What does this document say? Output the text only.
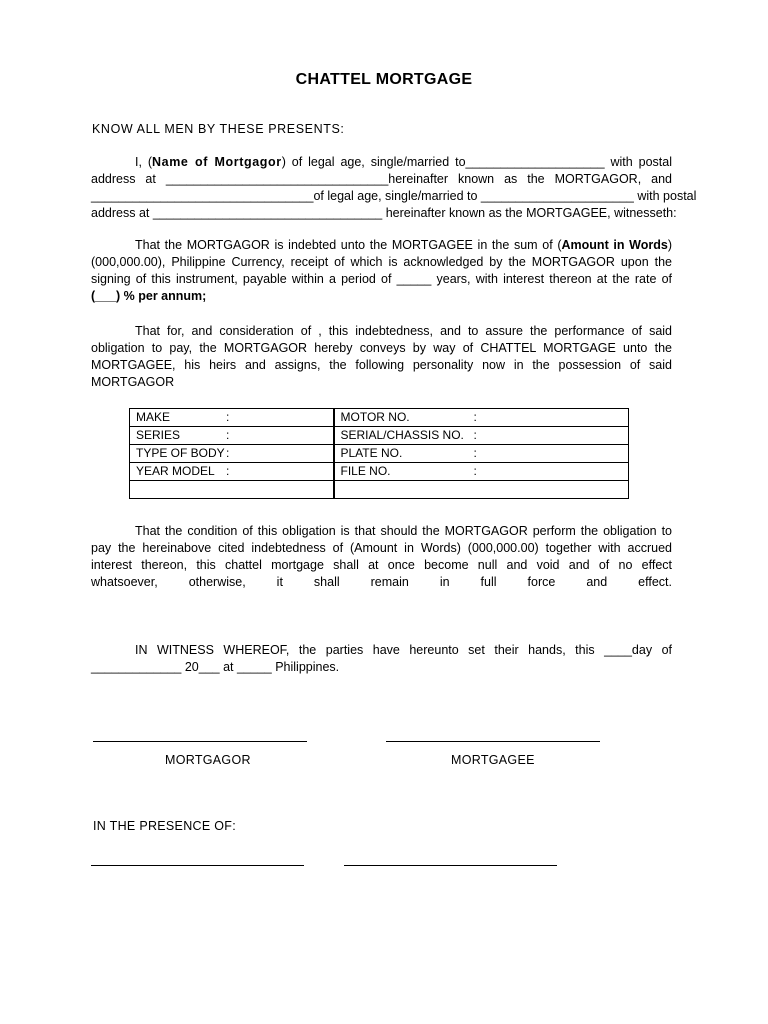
CHATTEL MORTGAGE
KNOW ALL MEN BY THESE PRESENTS:
I, (Name of Mortgagor) of legal age, single/married to____________________ with postal
address at ________________________________hereinafter known as the MORTGAGOR, and
________________________________of legal age, single/married to ______________________ with postal
address at _________________________________ hereinafter known as the MORTGAGEE, witnesseth:
That the MORTGAGOR is indebted unto the MORTGAGEE in the sum of (Amount in Words)
(000,000.00), Philippine Currency, receipt of which is acknowledged by the MORTGAGOR upon the
signing of this instrument, payable within a period of _____ years, with interest thereon at the rate of
(___) % per annum;
That for, and consideration of , this indebtedness, and to assure the performance of said
obligation to pay, the MORTGAGOR hereby conveys by way of CHATTEL MORTGAGE unto the
MORTGAGEE, his heirs and assigns, the following personality now in the possession of said
MORTGAGOR
MAKE :	MOTOR NO. :
SERIES :	SERIAL/CHASSIS NO. :
TYPE OF BODY:	PLATE NO. :
YEAR MODEL :	FILE NO. :

That the condition of this obligation is that should the MORTGAGOR perform the obligation to
pay the hereinabove cited indebtedness of (Amount in Words) (000,000.00) together with accrued
interest thereon, this chattel mortgage shall at once become null and void and of no effect
whatsoever, otherwise, it shall remain in full force and effect.
IN WITNESS WHEREOF, the parties have hereunto set their hands, this ____day of
_____________ 20___ at _____ Philippines.
MORTGAGOR	MORTGAGEE
IN THE PRESENCE OF:
